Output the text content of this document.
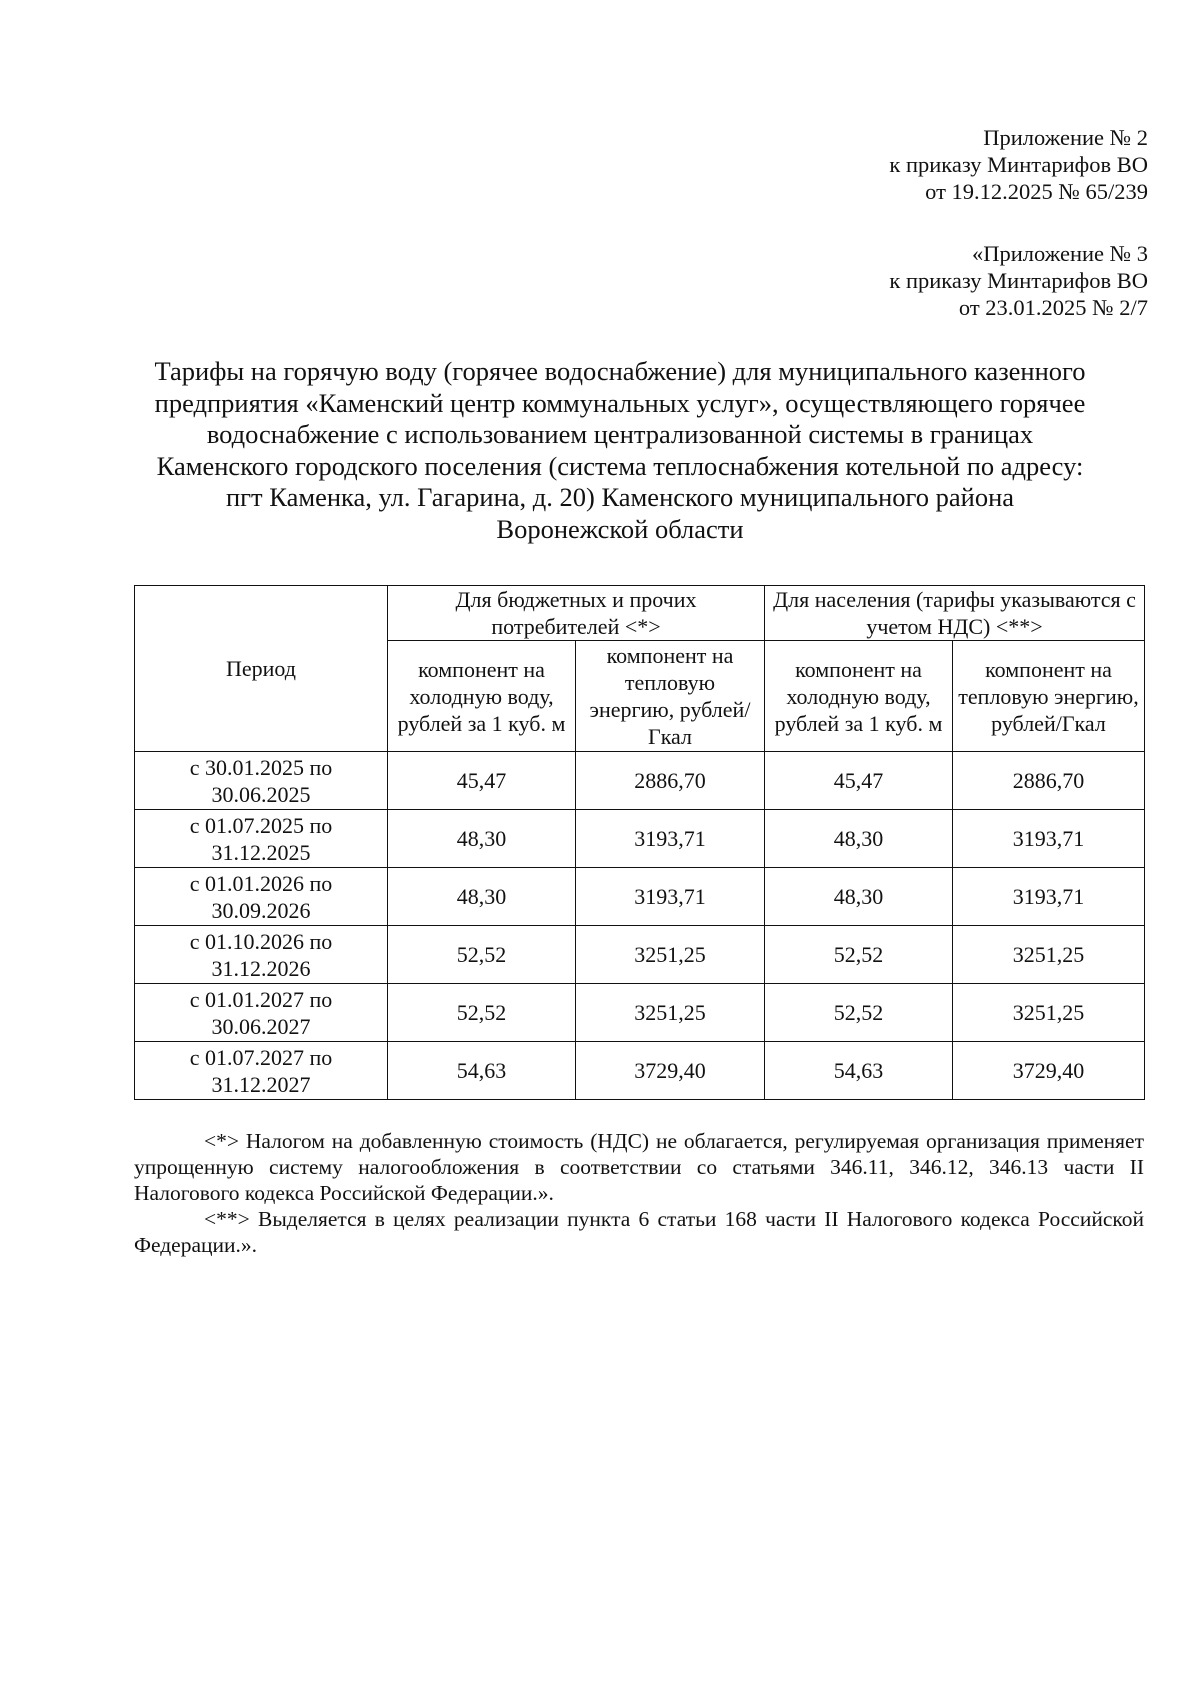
Приложение № 2
к приказу Минтарифов ВО
от 19.12.2025 № 65/239
«Приложение № 3
к приказу Минтарифов ВО
от 23.01.2025 № 2/7
Тарифы на горячую воду (горячее водоснабжение) для муниципального казенного
предприятия «Каменский центр коммунальных услуг», осуществляющего горячее
водоснабжение с использованием централизованной системы в границах
Каменского городского поселения (система теплоснабжения котельной по адресу:
пгт Каменка, ул. Гагарина, д. 20) Каменского муниципального района
Воронежской области
Период	Для бюджетных и прочих потребителей <*>		Для населения (тарифы указываются с учетом НДС) <**>	
	компонент на холодную воду, рублей за 1 куб. м	компонент на тепловую энергию, рублей/Гкал	компонент на холодную воду, рублей за 1 куб. м	компонент на тепловую энергию, рублей/Гкал
с 30.01.2025 по 30.06.2025	45,47	2886,70	45,47	2886,70
с 01.07.2025 по 31.12.2025	48,30	3193,71	48,30	3193,71
с 01.01.2026 по 30.09.2026	48,30	3193,71	48,30	3193,71
с 01.10.2026 по 31.12.2026	52,52	3251,25	52,52	3251,25
с 01.01.2027 по 30.06.2027	52,52	3251,25	52,52	3251,25
с 01.07.2027 по 31.12.2027	54,63	3729,40	54,63	3729,40

<*> Налогом на добавленную стоимость (НДС) не облагается, регулируемая организация применяет упрощенную систему налогообложения в соответствии со статьями 346.11, 346.12, 346.13 части II Налогового кодекса Российской Федерации.».

<**> Выделяется в целях реализации пункта 6 статьи 168 части II Налогового кодекса Российской Федерации.».
